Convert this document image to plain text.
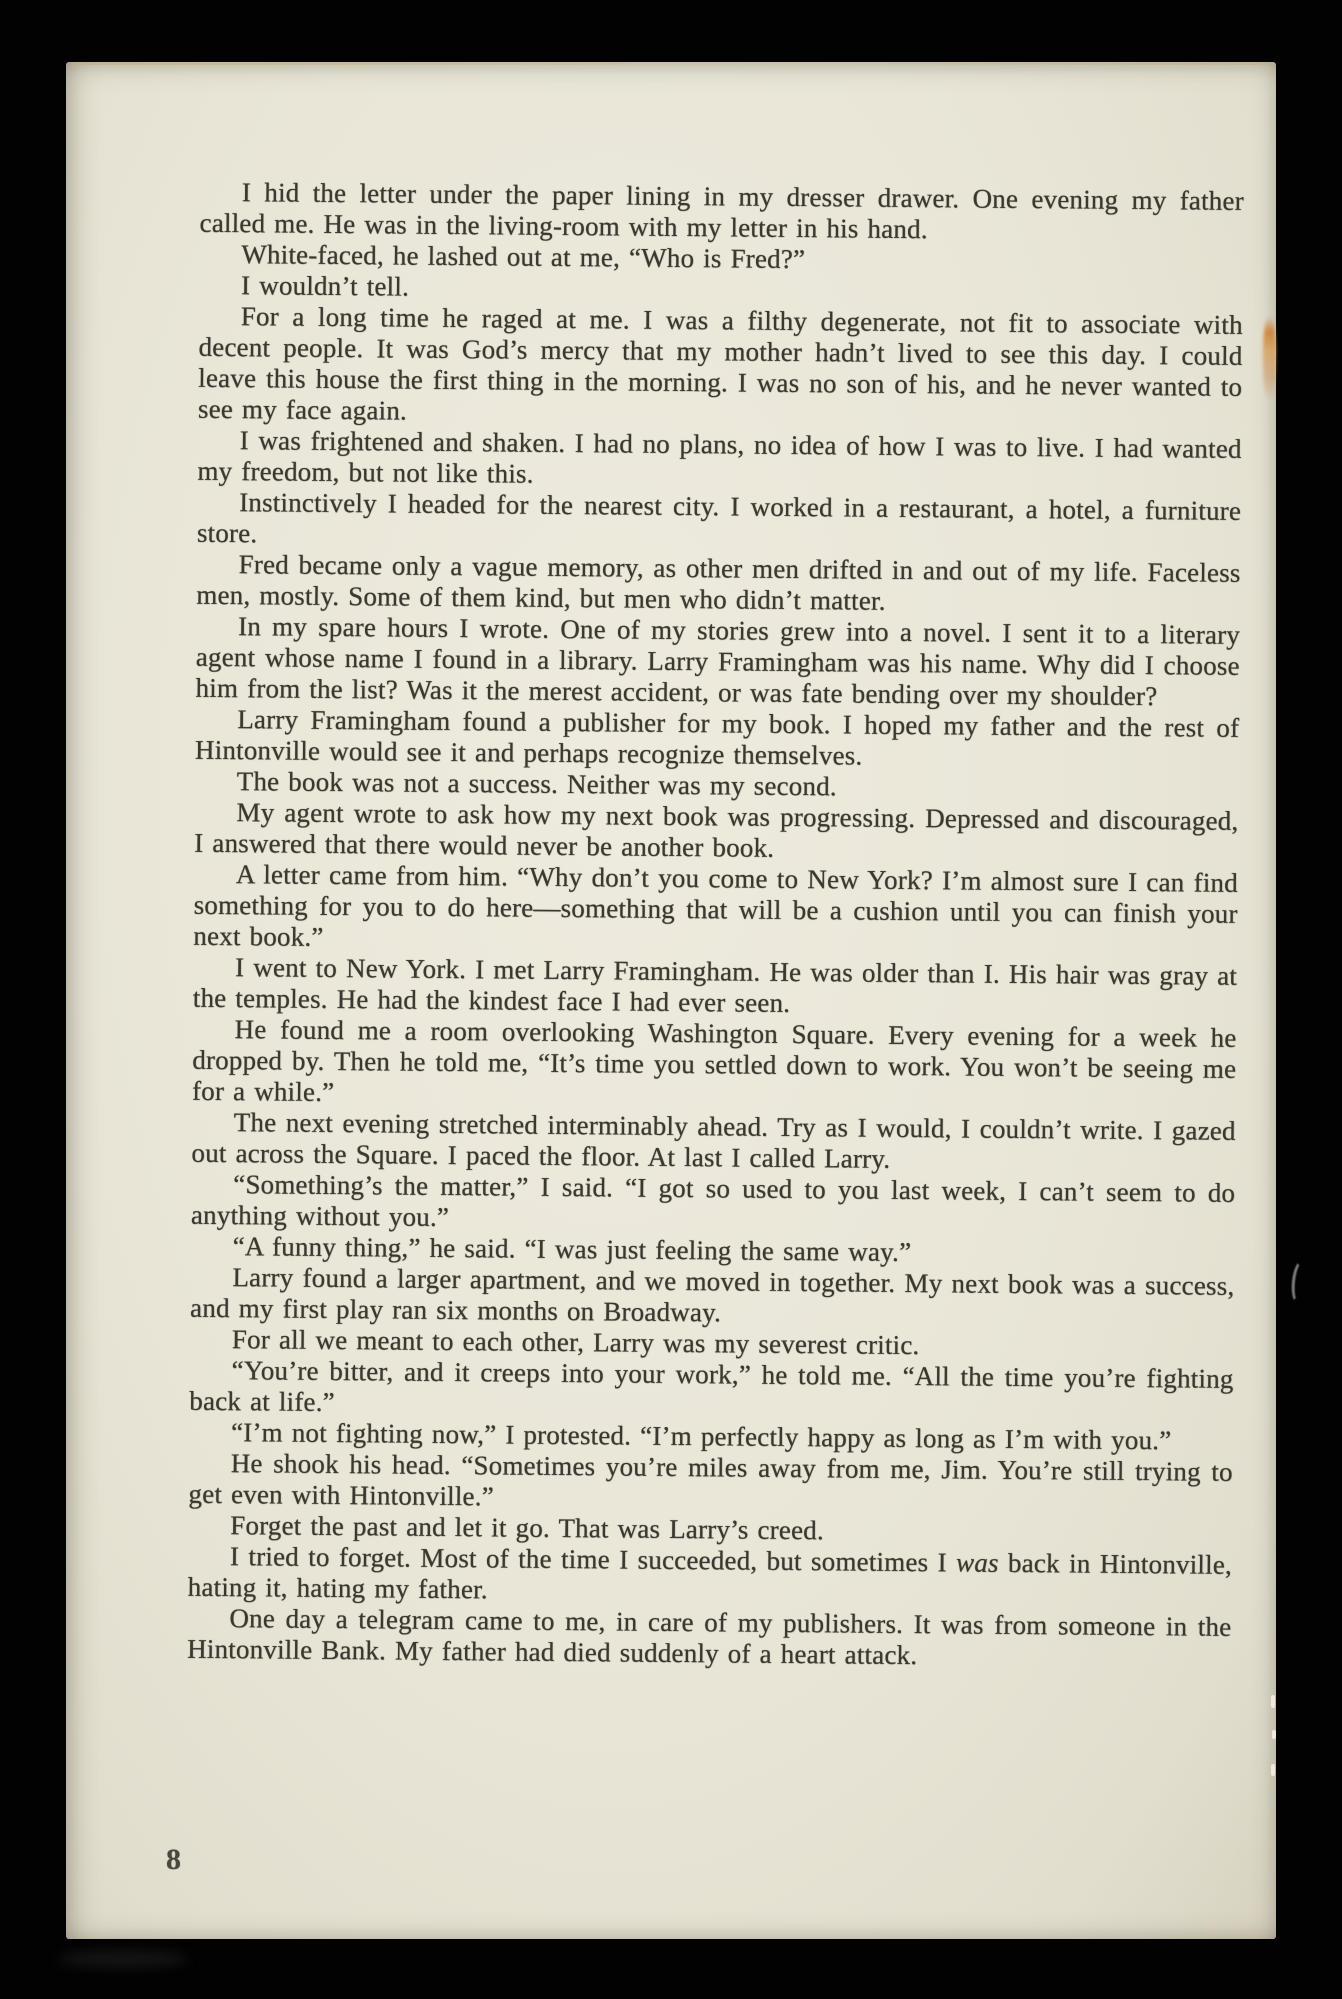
I hid the letter under the paper lining in my dresser drawer. One evening my father called me. He was in the living-room with my letter in his hand.

White-faced, he lashed out at me, “Who is Fred?”

I wouldn’t tell.

For a long time he raged at me. I was a filthy degenerate, not fit to associate with decent people. It was God’s mercy that my mother hadn’t lived to see this day. I could leave this house the first thing in the morning. I was no son of his, and he never wanted to see my face again.

I was frightened and shaken. I had no plans, no idea of how I was to live. I had wanted my freedom, but not like this.

Instinctively I headed for the nearest city. I worked in a restaurant, a hotel, a furniture store.

Fred became only a vague memory, as other men drifted in and out of my life. Faceless men, mostly. Some of them kind, but men who didn’t matter.

In my spare hours I wrote. One of my stories grew into a novel. I sent it to a literary agent whose name I found in a library. Larry Framingham was his name. Why did I choose him from the list? Was it the merest accident, or was fate bending over my shoulder?

Larry Framingham found a publisher for my book. I hoped my father and the rest of Hintonville would see it and perhaps recognize themselves.

The book was not a success. Neither was my second.

My agent wrote to ask how my next book was progressing. Depressed and discouraged, I answered that there would never be another book.

A letter came from him. “Why don’t you come to New York? I’m almost sure I can find something for you to do here—something that will be a cushion until you can finish your next book.”

I went to New York. I met Larry Framingham. He was older than I. His hair was gray at the temples. He had the kindest face I had ever seen.

He found me a room overlooking Washington Square. Every evening for a week he dropped by. Then he told me, “It’s time you settled down to work. You won’t be seeing me for a while.”

The next evening stretched interminably ahead. Try as I would, I couldn’t write. I gazed out across the Square. I paced the floor. At last I called Larry.

“Something’s the matter,” I said. “I got so used to you last week, I can’t seem to do anything without you.”

“A funny thing,” he said. “I was just feeling the same way.”

Larry found a larger apartment, and we moved in together. My next book was a success, and my first play ran six months on Broadway.

For all we meant to each other, Larry was my severest critic.

“You’re bitter, and it creeps into your work,” he told me. “All the time you’re fighting back at life.”

“I’m not fighting now,” I protested. “I’m perfectly happy as long as I’m with you.”

He shook his head. “Sometimes you’re miles away from me, Jim. You’re still trying to get even with Hintonville.”

Forget the past and let it go. That was Larry’s creed.

I tried to forget. Most of the time I succeeded, but sometimes I was back in Hintonville, hating it, hating my father.

One day a telegram came to me, in care of my publishers. It was from someone in the Hintonville Bank. My father had died suddenly of a heart attack.

8
